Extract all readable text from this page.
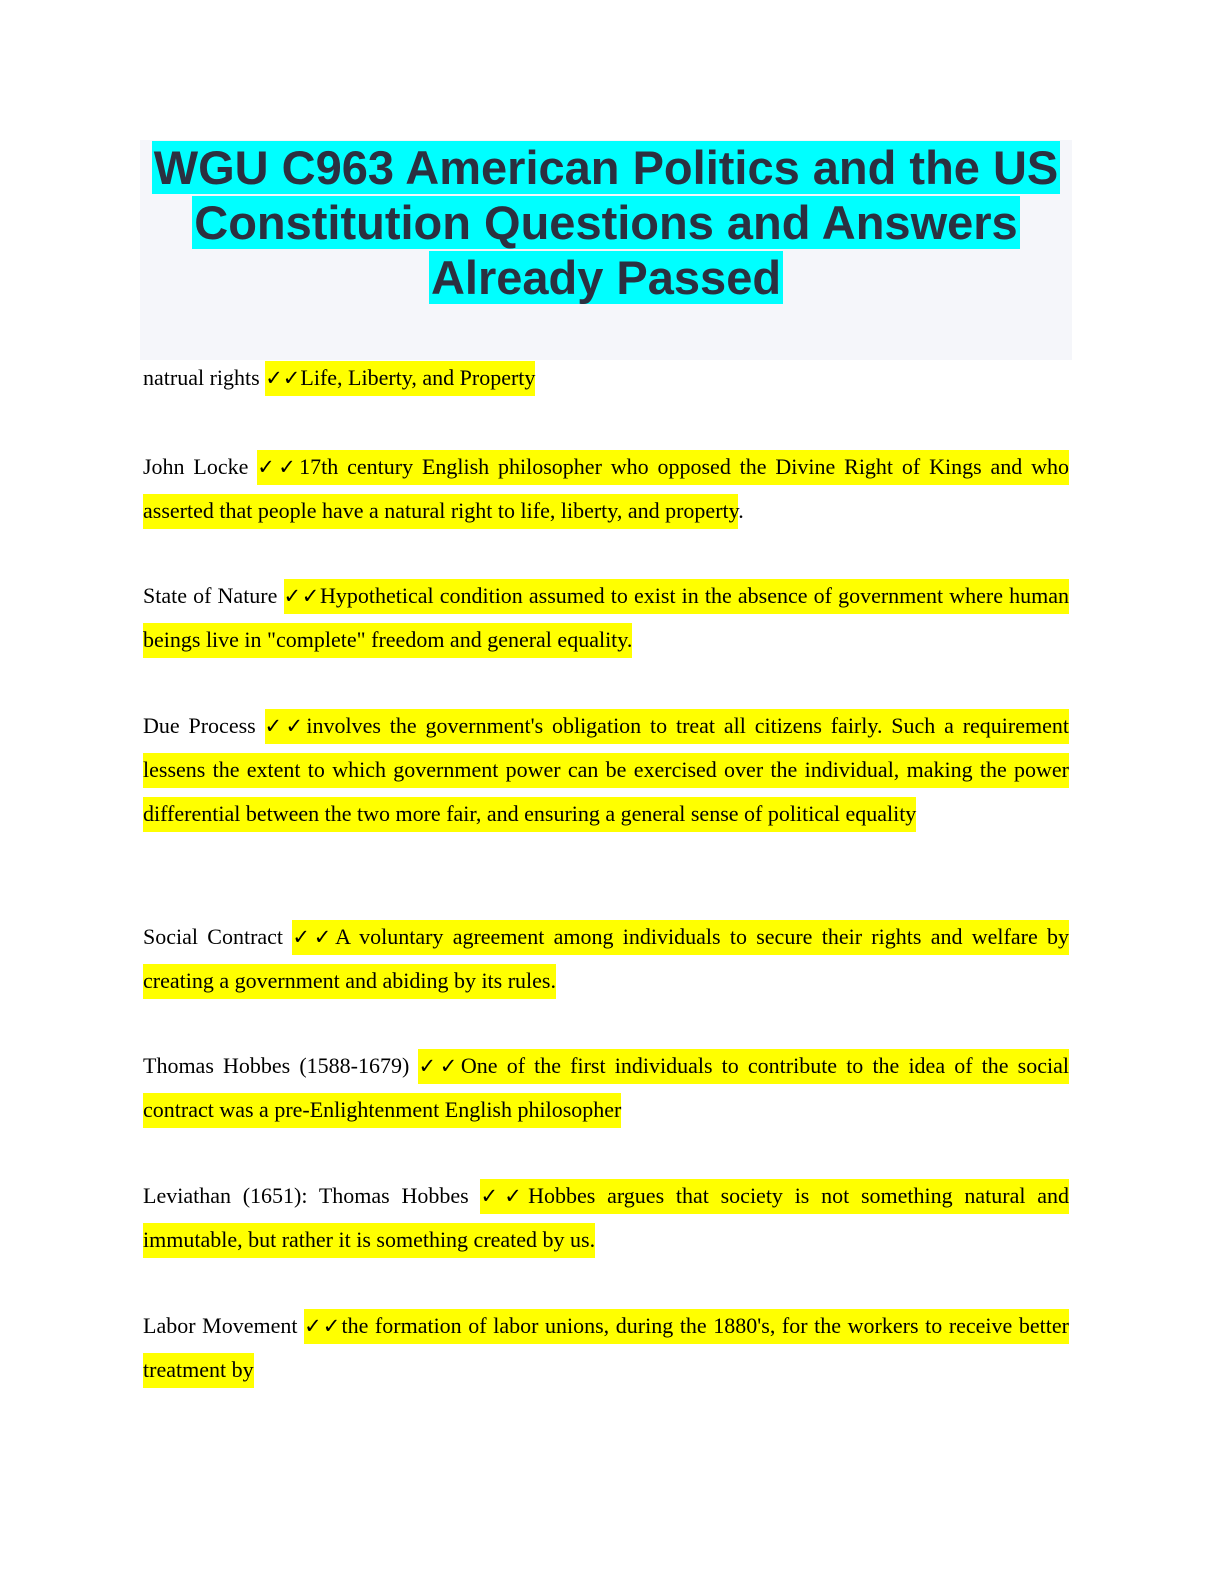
WGU C963 American Politics and the US Constitution Questions and Answers Already Passed

natrual rights ✓✓Life, Liberty, and Property

John Locke ✓✓17th century English philosopher who opposed the Divine Right of Kings and who asserted that people have a natural right to life, liberty, and property.

State of Nature ✓✓Hypothetical condition assumed to exist in the absence of government where human beings live in "complete" freedom and general equality.

Due Process ✓✓involves the government's obligation to treat all citizens fairly. Such a requirement lessens the extent to which government power can be exercised over the individual, making the power differential between the two more fair, and ensuring a general sense of political equality

Social Contract ✓✓A voluntary agreement among individuals to secure their rights and welfare by creating a government and abiding by its rules.

Thomas Hobbes (1588-1679) ✓✓One of the first individuals to contribute to the idea of the social contract was a pre-Enlightenment English philosopher

Leviathan (1651): Thomas Hobbes ✓✓Hobbes argues that society is not something natural and immutable, but rather it is something created by us.

Labor Movement ✓✓the formation of labor unions, during the 1880's, for the workers to receive better treatment by
